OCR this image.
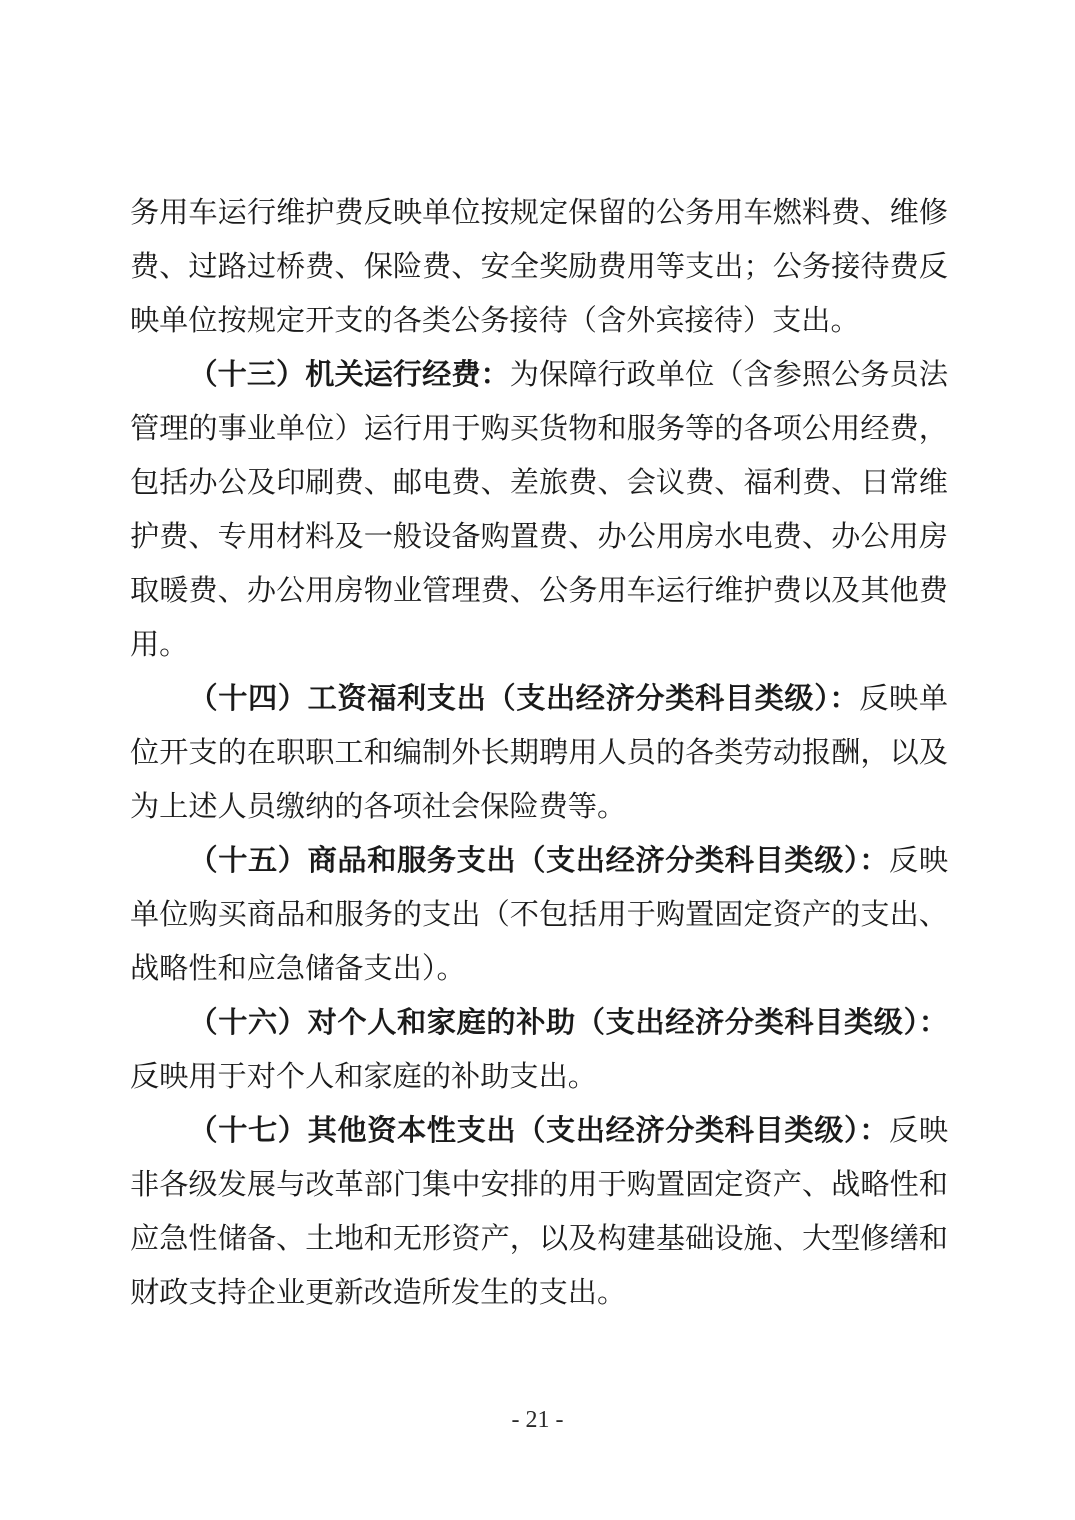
务用车运行维护费反映单位按规定保留的公务用车燃料费、维修费、过路过桥费、保险费、安全奖励费用等支出；公务接待费反映单位按规定开支的各类公务接待（含外宾接待）支出。

（十三）机关运行经费：为保障行政单位（含参照公务员法管理的事业单位）运行用于购买货物和服务等的各项公用经费，包括办公及印刷费、邮电费、差旅费、会议费、福利费、日常维护费、专用材料及一般设备购置费、办公用房水电费、办公用房取暖费、办公用房物业管理费、公务用车运行维护费以及其他费用。

（十四）工资福利支出（支出经济分类科目类级）：反映单位开支的在职职工和编制外长期聘用人员的各类劳动报酬，以及为上述人员缴纳的各项社会保险费等。

（十五）商品和服务支出（支出经济分类科目类级）：反映单位购买商品和服务的支出（不包括用于购置固定资产的支出、战略性和应急储备支出）。

（十六）对个人和家庭的补助（支出经济分类科目类级）：反映用于对个人和家庭的补助支出。

（十七）其他资本性支出（支出经济分类科目类级）：反映非各级发展与改革部门集中安排的用于购置固定资产、战略性和应急性储备、土地和无形资产，以及构建基础设施、大型修缮和财政支持企业更新改造所发生的支出。

- 21 -
